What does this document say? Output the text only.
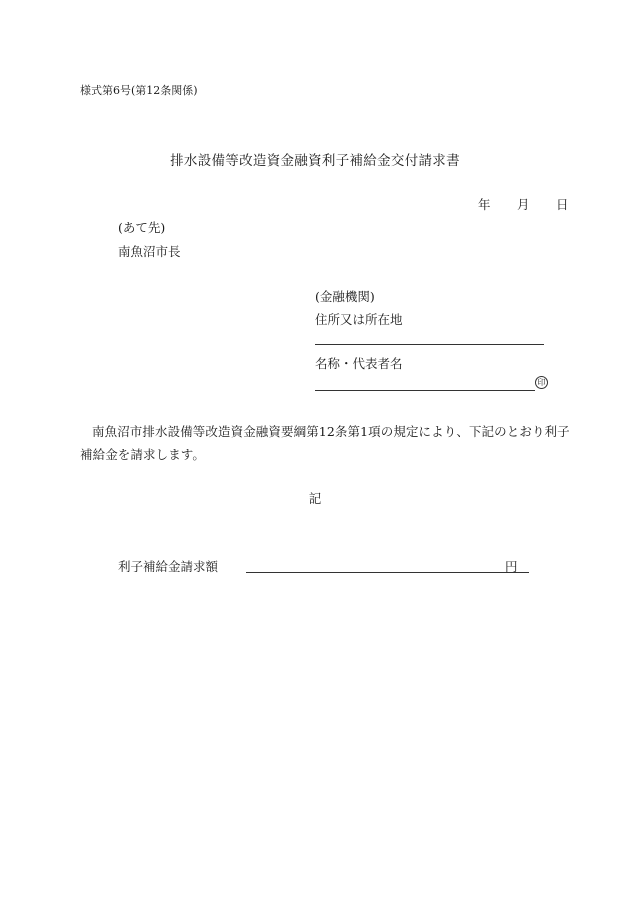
様式第6号(第12条関係)
排水設備等改造資金融資利子補給金交付請求書
年 月 日
(あて先)
南魚沼市長
(金融機関)
住所又は所在地
名称・代表者名
印
南魚沼市排水設備等改造資金融資要綱第12条第1項の規定により、下記のとおり利子補給金を請求します。
記
利子補給金請求額	円
